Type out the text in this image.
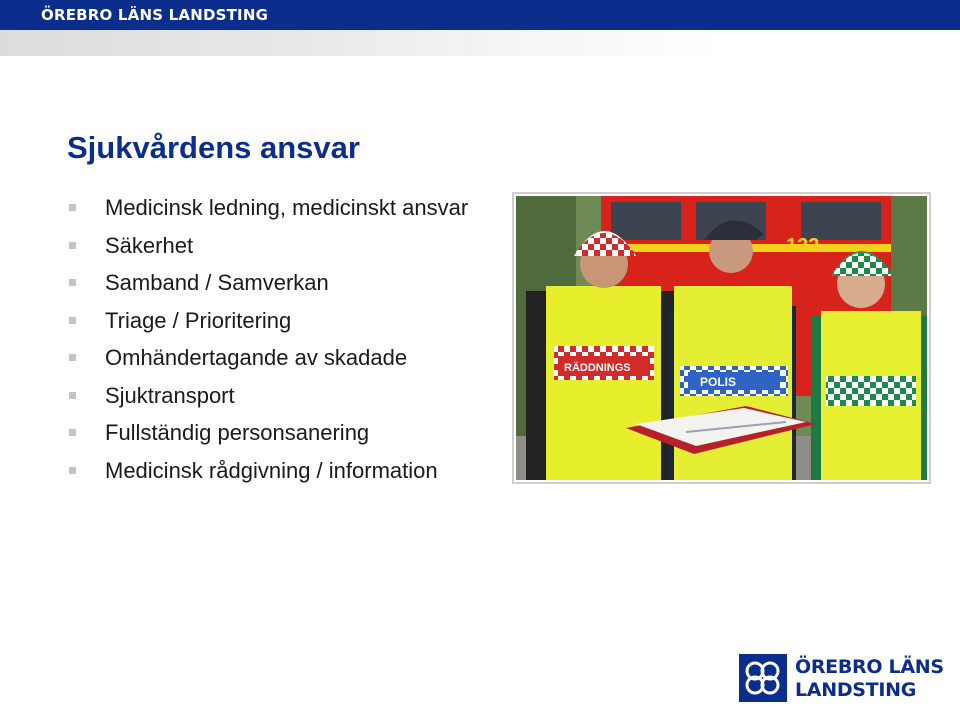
ÖREBRO LÄNS LANDSTING
Sjukvårdens ansvar
Medicinsk ledning, medicinskt ansvar
Säkerhet
Samband / Samverkan
Triage / Prioritering
Omhändertagande av skadade
Sjuktransport
Fullständig personsanering
Medicinsk rådgivning / information
122
RÄDDNINGS
POLIS
ÖREBRO LÄNS
LANDSTING
